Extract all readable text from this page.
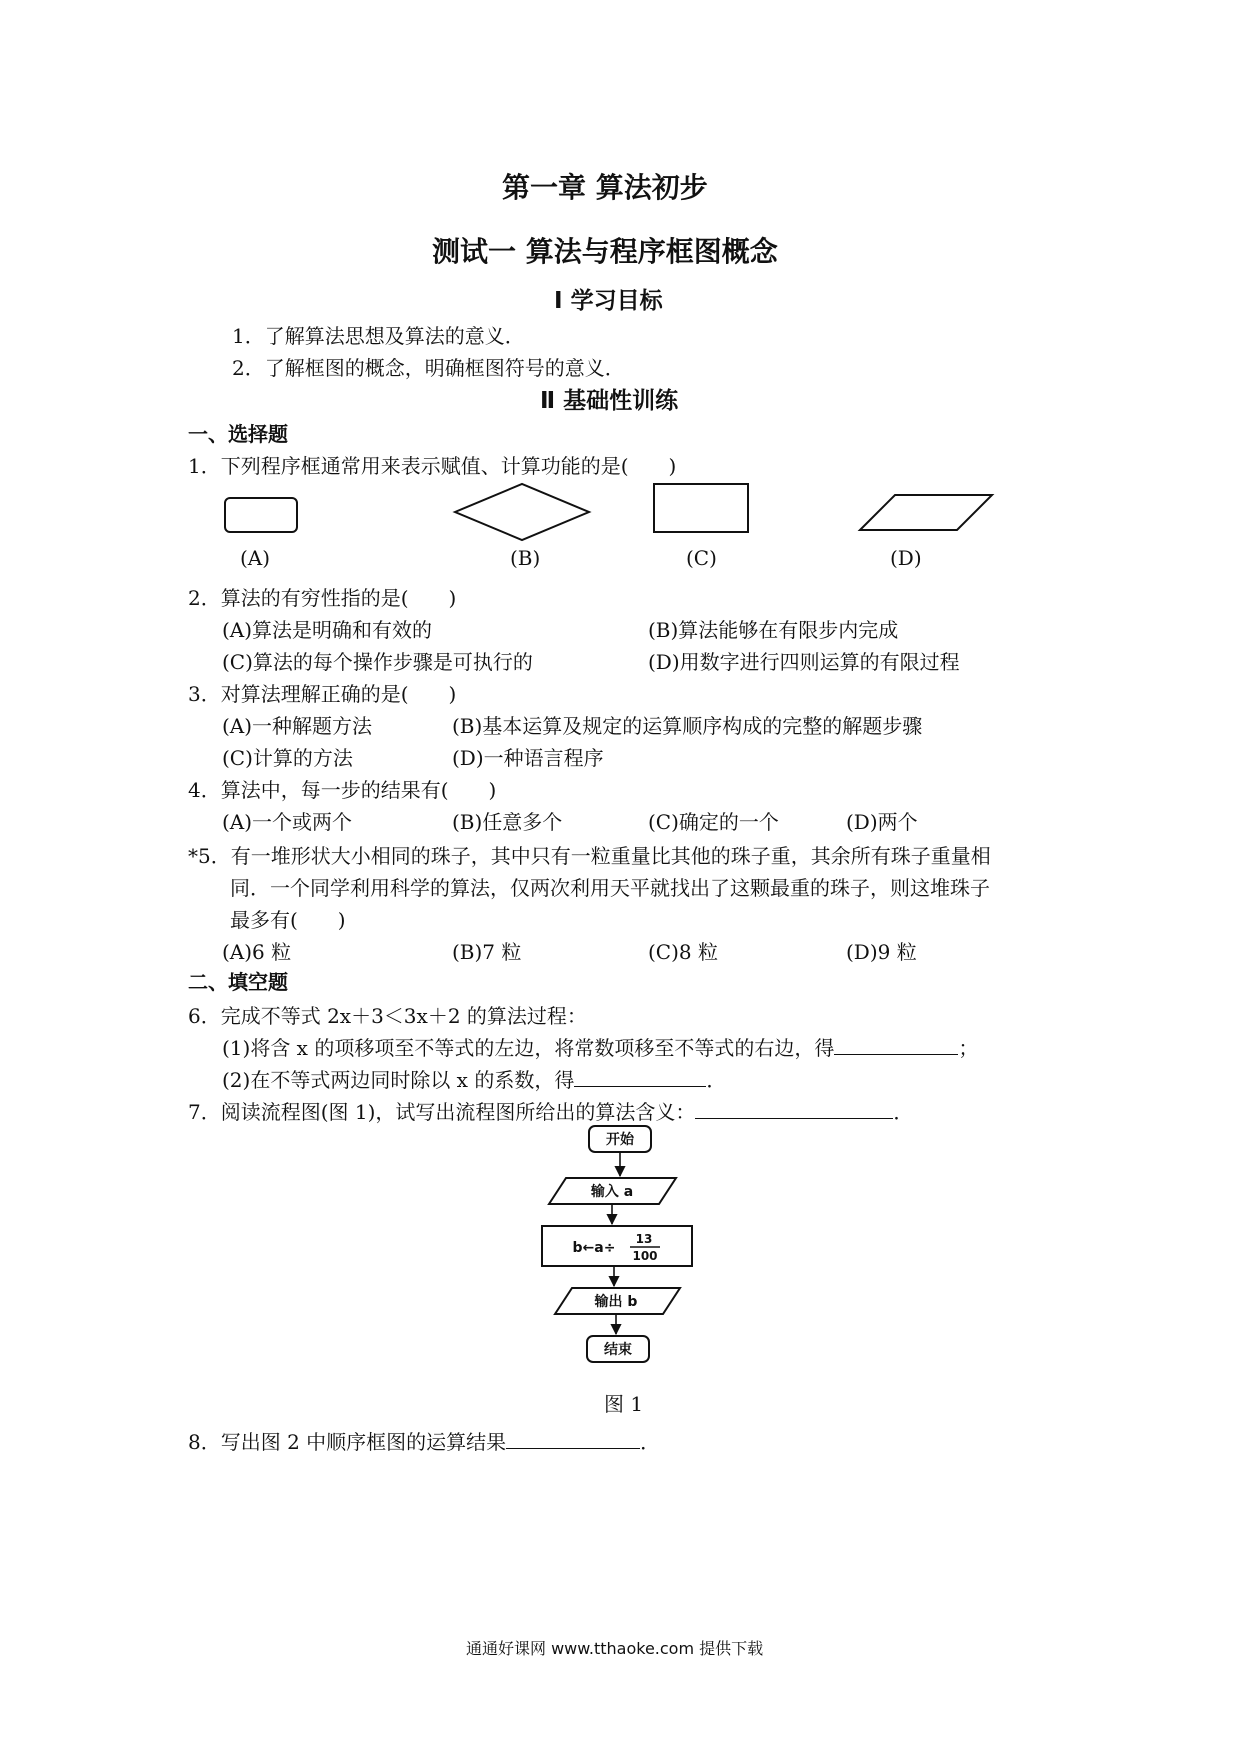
第一章 算法初步
测试一 算法与程序框图概念
Ⅰ 学习目标
1．了解算法思想及算法的意义．
2．了解框图的概念，明确框图符号的意义．
Ⅱ 基础性训练
一、选择题
1．下列程序框通常用来表示赋值、计算功能的是(　　)
(A)	(B)	(C)	(D)
2．算法的有穷性指的是(　　)
(A)算法是明确和有效的	(B)算法能够在有限步内完成
(C)算法的每个操作步骤是可执行的	(D)用数字进行四则运算的有限过程
3．对算法理解正确的是(　　)
(A)一种解题方法	(B)基本运算及规定的运算顺序构成的完整的解题步骤
(C)计算的方法	(D)一种语言程序
4．算法中，每一步的结果有(　　)
(A)一个或两个	(B)任意多个	(C)确定的一个	(D)两个
*5．有一堆形状大小相同的珠子，其中只有一粒重量比其他的珠子重，其余所有珠子重量相
同．一个同学利用科学的算法，仅两次利用天平就找出了这颗最重的珠子，则这堆珠子
最多有(　　)
(A)6 粒	(B)7 粒	(C)8 粒	(D)9 粒
二、填空题
6．完成不等式 2x＋3＜3x＋2 的算法过程：
(1)将含 x 的项移项至不等式的左边，将常数项移至不等式的右边，得	；
(2)在不等式两边同时除以 x 的系数，得	．
7．阅读流程图(图 1)，试写出流程图所给出的算法含义：	．
开始
输入 a
b←a÷
13
100
输出 b
结束
图 1
8．写出图 2 中顺序框图的运算结果	．
通通好课网 www.tthaoke.com 提供下载
